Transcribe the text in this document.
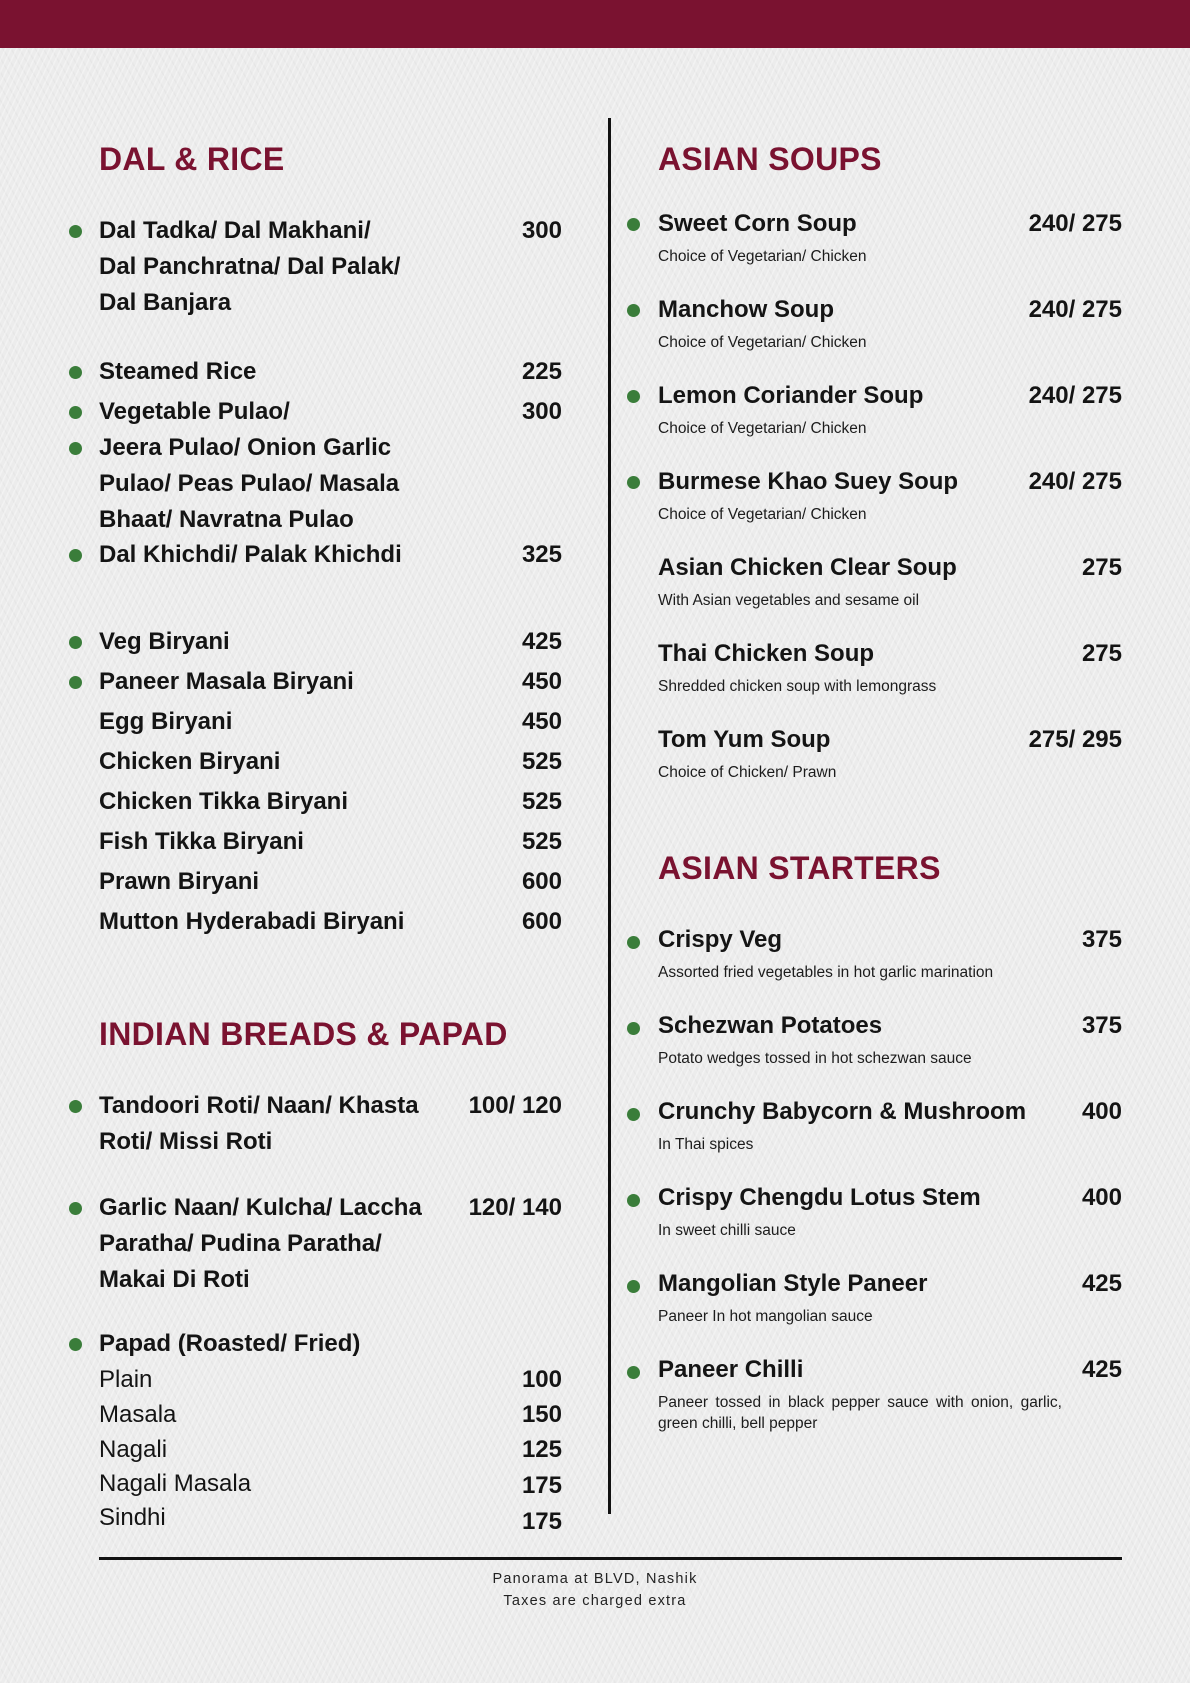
DAL & RICE
Dal Tadka/ Dal Makhani/
Dal Panchratna/ Dal Palak/
Dal Banjara
300
Steamed Rice	225
Vegetable Pulao/	300
Jeera Pulao/ Onion Garlic
Pulao/ Peas Pulao/ Masala
Bhaat/ Navratna Pulao
Dal Khichdi/ Palak Khichdi	325
Veg Biryani	425
Paneer Masala Biryani	450
Egg Biryani	450
Chicken Biryani	525
Chicken Tikka Biryani	525
Fish Tikka Biryani	525
Prawn Biryani	600
Mutton Hyderabadi Biryani	600
INDIAN BREADS & PAPAD
Tandoori Roti/ Naan/ Khasta
Roti/ Missi Roti
100/ 120
Garlic Naan/ Kulcha/ Laccha
Paratha/ Pudina Paratha/
Makai Di Roti
120/ 140
Papad (Roasted/ Fried)
Plain	100
Masala	150
Nagali	125
Nagali Masala	175
Sindhi	175
ASIAN SOUPS
Sweet Corn Soup	240/ 275
Choice of Vegetarian/ Chicken
Manchow Soup	240/ 275
Choice of Vegetarian/ Chicken
Lemon Coriander Soup	240/ 275
Choice of Vegetarian/ Chicken
Burmese Khao Suey Soup	240/ 275
Choice of Vegetarian/ Chicken
Asian Chicken Clear Soup	275
With Asian vegetables and sesame oil
Thai Chicken Soup	275
Shredded chicken soup with lemongrass
Tom Yum Soup	275/ 295
Choice of Chicken/ Prawn
ASIAN STARTERS
Crispy Veg	375
Assorted fried vegetables in hot garlic marination
Schezwan Potatoes	375
Potato wedges tossed in hot schezwan sauce
Crunchy Babycorn & Mushroom 400
In Thai spices
Crispy Chengdu Lotus Stem	400
In sweet chilli sauce
Mangolian Style Paneer	425
Paneer In hot mangolian sauce
Paneer Chilli	425
Paneer tossed in black pepper sauce with onion, garlic, green chilli, bell pepper
Panorama at BLVD, Nashik
Taxes are charged extra
